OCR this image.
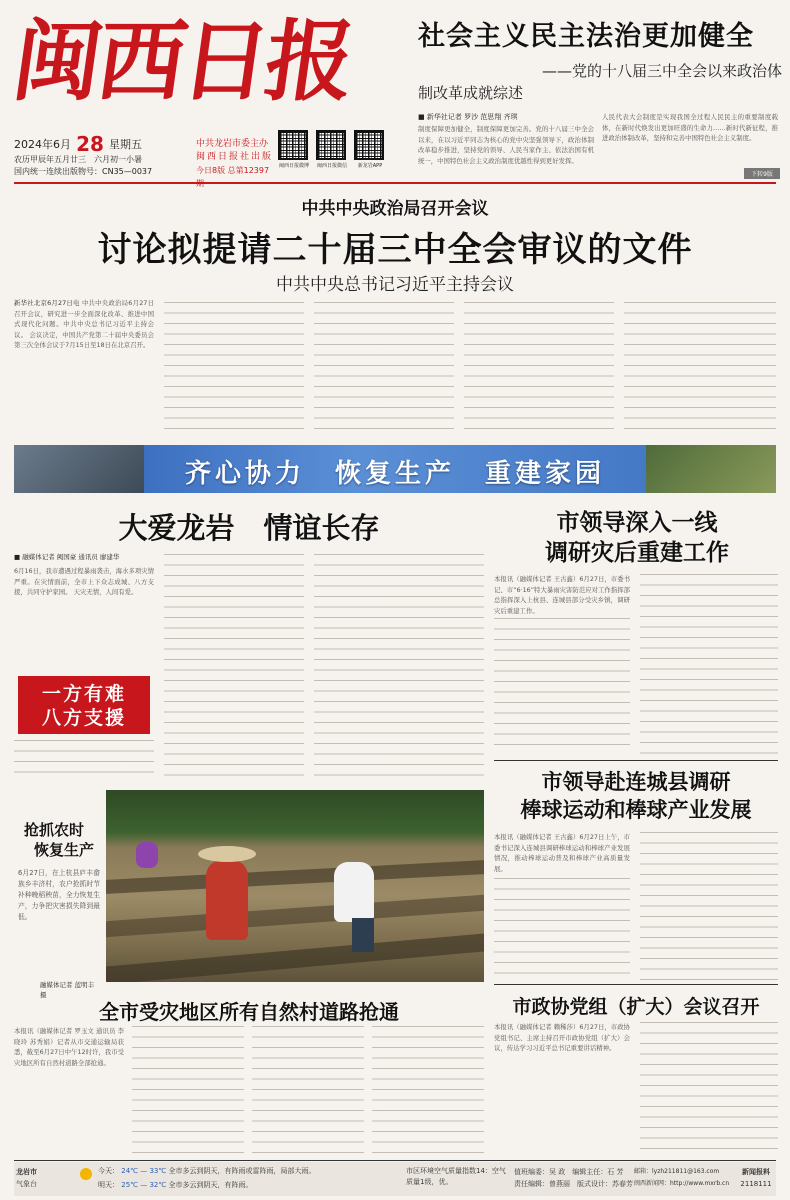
闽西日报
2024年6月 28 星期五
农历甲辰年五月廿三　六月初一小暑
国内统一连续出版物号：CN35—0037
中共龙岩市委主办
闽西日报社出版
今日8版 总第12397	闽西日报微博	闽西日报微信	新龙岩APP
社会主义民主法治更加健全
——党的十八届三中全会以来政治体
制改革成就综述
■ 新华社记者 罗沙 范思翔 齐琪
制度保障更加健全，制度保障更加完善。党的十八届三中全会以来，在以习近平同志为核心的党中央坚强领导下，政治体制改革稳步推进，坚持党的领导、人民当家作主、依法治国有机统一，中国特色社会主义政治制度优越性得到更好发挥。
人民代表大会制度是实现我国全过程人民民主的重要制度载体，在新时代焕发出更加旺盛的生命力……新时代新征程，推进政治体制改革，坚持和完善中国特色社会主义制度。
下转9版
中共中央政治局召开会议
讨论拟提请二十届三中全会审议的文件
中共中央总书记习近平主持会议
新华社北京6月27日电 中共中央政治局6月27日召开会议，研究进一步全面深化改革、推进中国式现代化问题。中共中央总书记习近平主持会议。 会议决定，中国共产党第二十届中央委员会第三次全体会议于7月15日至18日在北京召开。
齐心协力　恢复生产　重建家园
大爱龙岩　情谊长存
■ 融媒体记者 阙国豪 通讯员 廖建华
6月16日，我市遭遇过程暴雨袭击，海水多项灾情严重。在灾情面前，全市上下众志成城、八方支援，共同守护家园。 天灾无情，人间有爱。
一方有难
八方支援
抢抓农时
恢复生产
6月27日，在上杭县庐丰畲族乡丰济村，农户抢抓时节补种晚稻秧苗，全力恢复生产，力争把灾害损失降到最低。
融媒体记者 蓝明丰 摄
市领导深入一线
调研灾后重建工作
本报讯（融媒体记者 王古鑫）6月27日，市委书记、市“6·16”特大暴雨灾害防范应对工作指挥部总指挥深入上杭县、连城县部分受灾乡镇，调研灾后重建工作。
市领导赴连城县调研
棒球运动和棒球产业发展
本报讯（融媒体记者 王古鑫）6月27日上午，市委书记深入连城县调研棒球运动和棒球产业发展情况，推动棒球运动普及和棒球产业高质量发展。
全市受灾地区所有自然村道路抢通
本报讯（融媒体记者 罗玉文 通讯员 李晓玲 苏秀娟）记者从市交通运输局获悉，截至6月27日中午12时许，我市受灾地区所有自然村道路全部抢通。
市政协党组（扩大）会议召开
本报讯（融媒体记者 赖稀莎）6月27日，市政协党组书记、主席主持召开市政协党组（扩大）会议，传达学习习近平总书记重要讲话精神。
龙岩市
气象台
今天： 24℃ — 33℃ 全市多云到阴天，有阵雨或雷阵雨，局部大雨。
明天： 25℃ — 32℃ 全市多云到阴天，有阵雨。
市区环境空气质量指数14：空气质量1级，优。
值班编委：吴 政　编辑主任：石 芳
责任编辑：曾燕丽　版式设计：苏春芳
邮箱：lyzh211811@163.com
闽西新闻网：http://www.mxrb.cn
新闻报料
2118111
